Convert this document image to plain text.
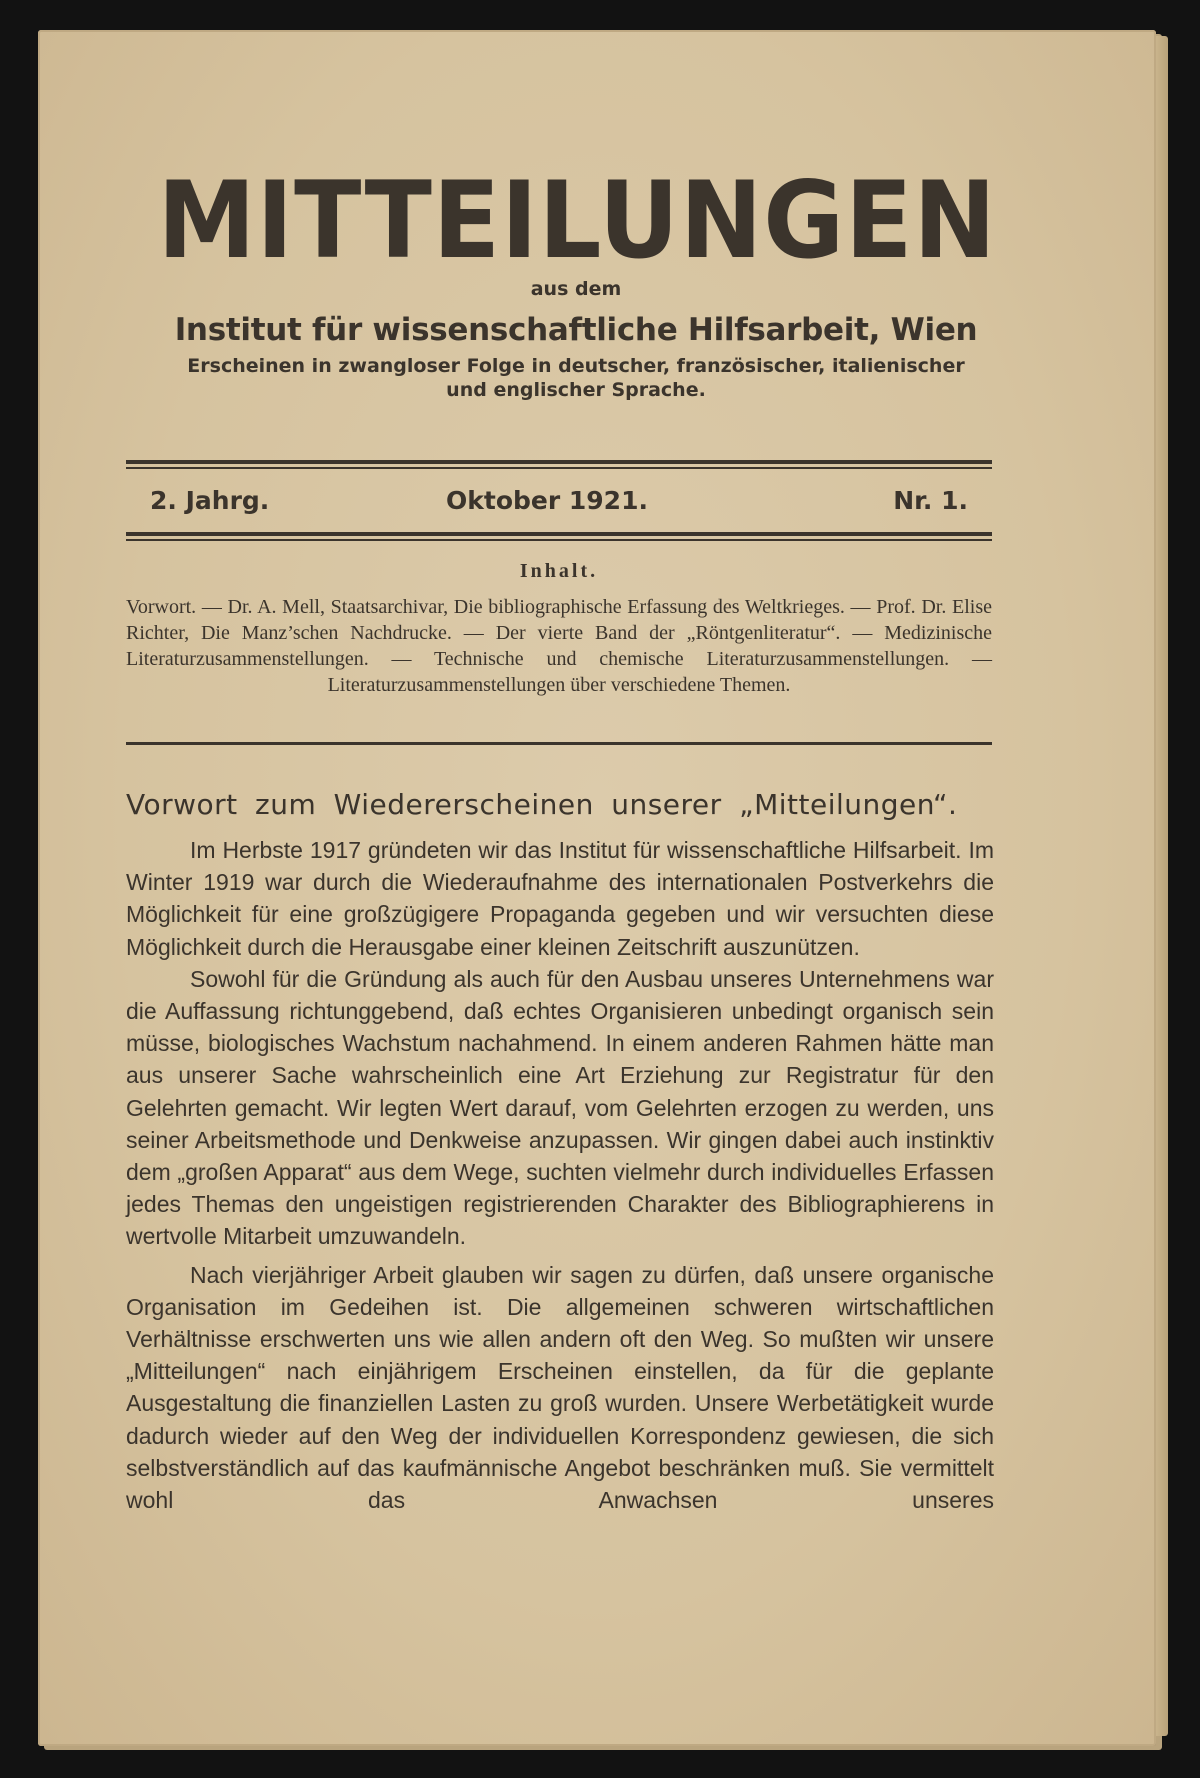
MITTEILUNGEN
aus dem
Institut für wissenschaftliche Hilfsarbeit, Wien
Erscheinen in zwangloser Folge in deutscher, französischer, italienischer
und englischer Sprache.
2. Jahrg.	Oktober 1921.	Nr. 1.
Inhalt.
Vorwort. — Dr. A. Mell, Staatsarchivar, Die bibliographische Erfassung des Weltkrieges. — Prof. Dr. Elise Richter, Die Manz’schen Nachdrucke. — Der vierte Band der „Röntgenliteratur“. — Medizinische Literaturzusammenstellungen. — Technische und chemische Literaturzusammenstellungen. — Literaturzusammenstellungen über verschiedene Themen.
Vorwort zum Wiedererscheinen unserer „Mitteilungen“.

Im Herbste 1917 gründeten wir das Institut für wissenschaftliche Hilfsarbeit. Im Winter 1919 war durch die Wiederaufnahme des internationalen Postverkehrs die Möglichkeit für eine großzügigere Propaganda gegeben und wir versuchten diese Möglichkeit durch die Herausgabe einer kleinen Zeitschrift auszunützen.

Sowohl für die Gründung als auch für den Ausbau unseres Unternehmens war die Auffassung richtunggebend, daß echtes Organisieren unbedingt organisch sein müsse, biologisches Wachstum nachahmend. In einem anderen Rahmen hätte man aus unserer Sache wahrscheinlich eine Art Erziehung zur Registratur für den Gelehrten gemacht. Wir legten Wert darauf, vom Gelehrten erzogen zu werden, uns seiner Arbeitsmethode und Denkweise anzupassen. Wir gingen dabei auch instinktiv dem „großen Apparat“ aus dem Wege, suchten vielmehr durch individuelles Erfassen jedes Themas den ungeistigen registrierenden Charakter des Bibliographierens in wertvolle Mitarbeit umzuwandeln.

Nach vierjähriger Arbeit glauben wir sagen zu dürfen, daß unsere organische Organisation im Gedeihen ist. Die allgemeinen schweren wirtschaftlichen Verhältnisse erschwerten uns wie allen andern oft den Weg. So mußten wir unsere „Mitteilungen“ nach einjährigem Erscheinen einstellen, da für die geplante Ausgestaltung die finanziellen Lasten zu groß wurden. Unsere Werbetätigkeit wurde dadurch wieder auf den Weg der individuellen Korrespondenz gewiesen, die sich selbstverständlich auf das kaufmännische Angebot beschränken muß. Sie vermittelt wohl das Anwachsen unseres
